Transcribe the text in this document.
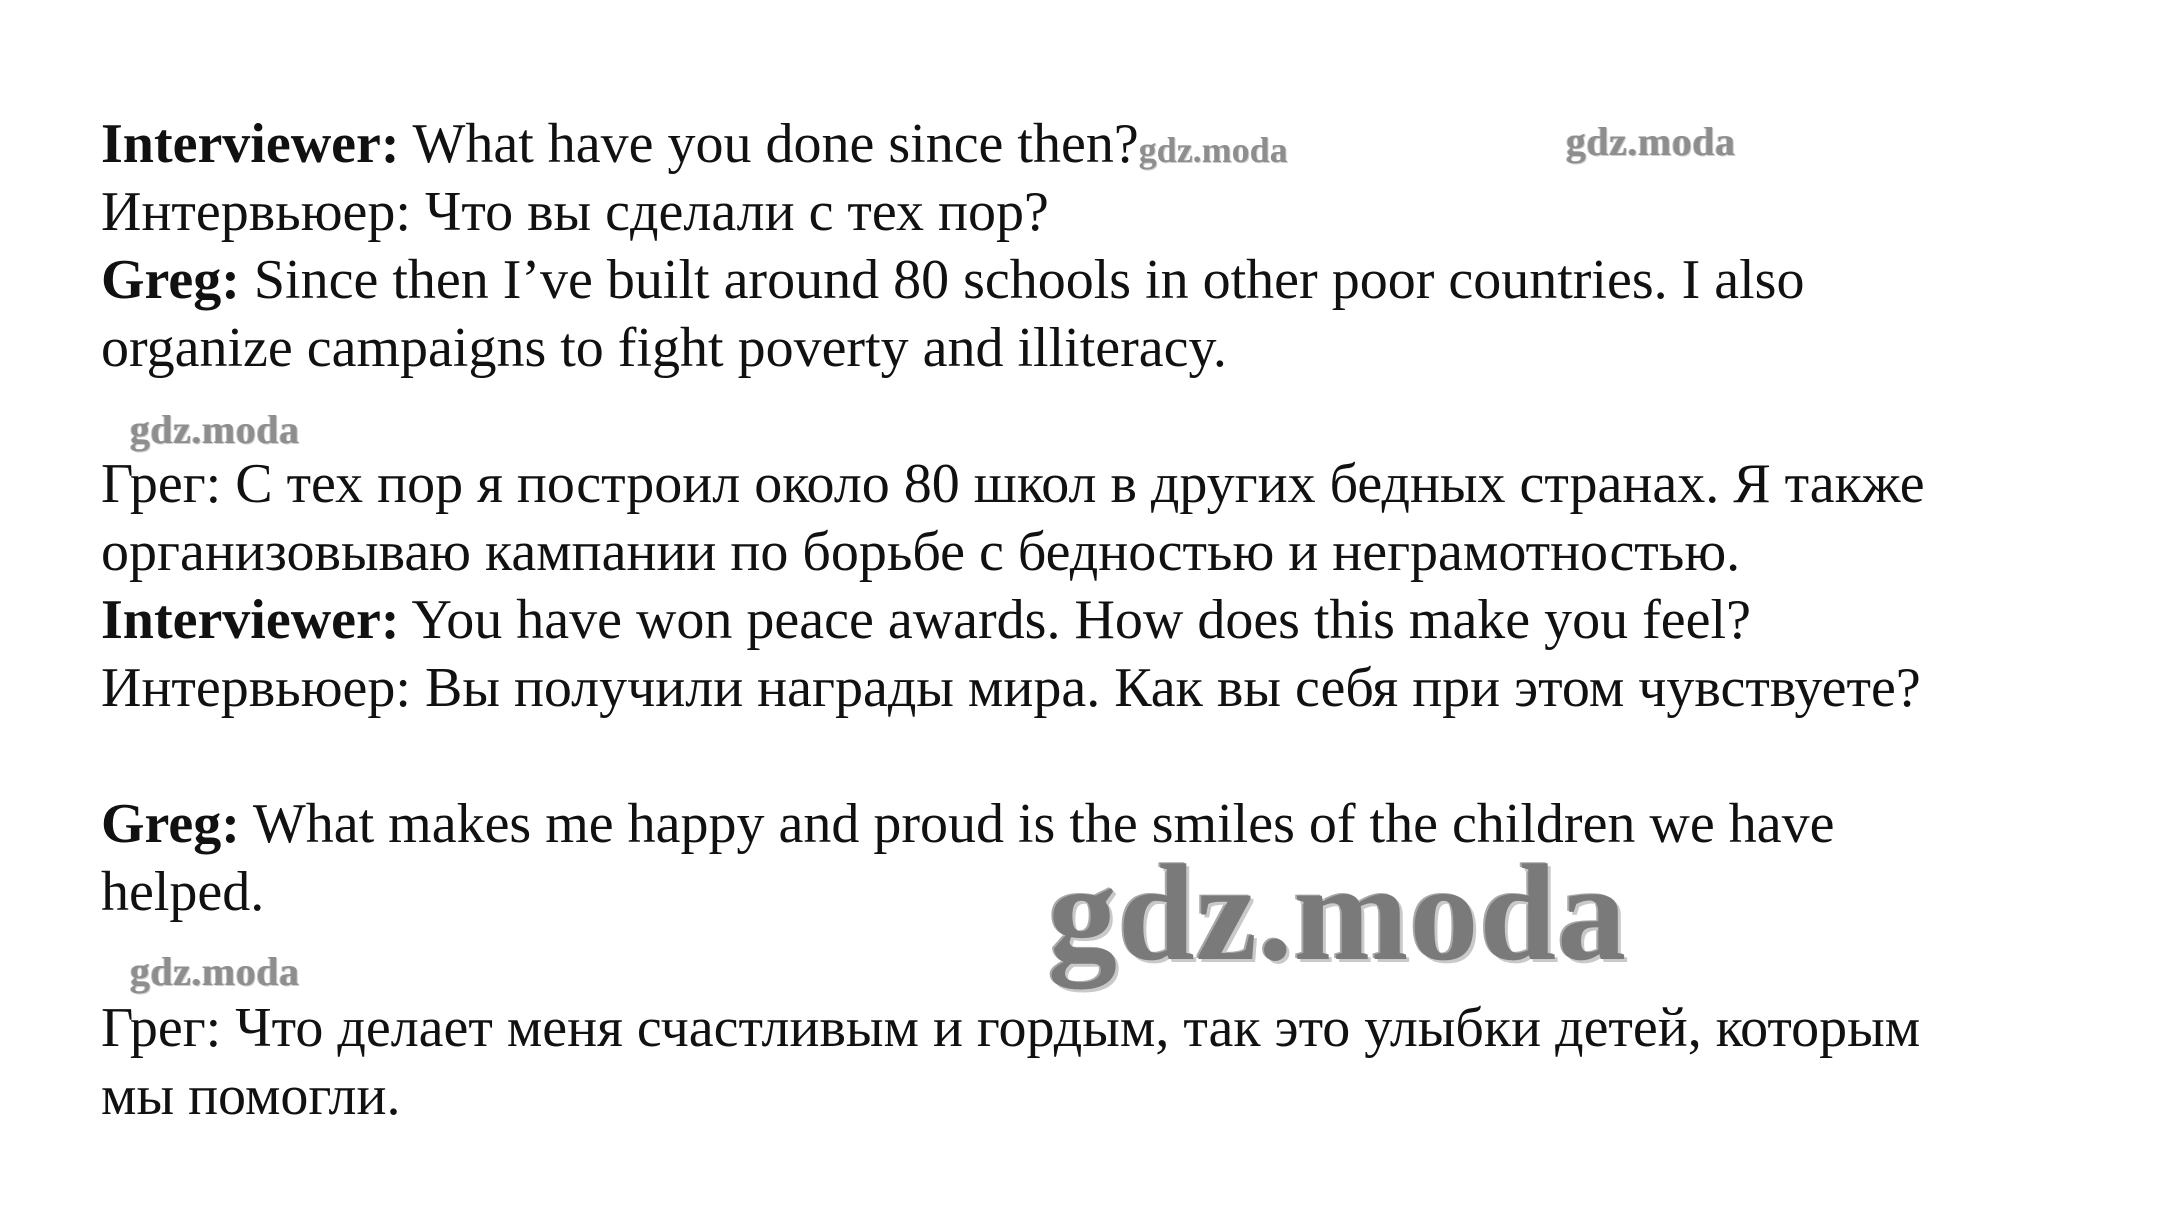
Interviewer: What have you done since then?gdz.moda
Интервьюер: Что вы сделали с тех пор?
Greg: Since then I’ve built around 80 schools in other poor countries. I also
organize campaigns to fight poverty and illiteracy.
Грег: С тех пор я построил около 80 школ в других бедных странах. Я также
организовываю кампании по борьбе с бедностью и неграмотностью.
Interviewer: You have won peace awards. How does this make you feel?
Интервьюер: Вы получили награды мира. Как вы себя при этом чувствуете?
Greg: What makes me happy and proud is the smiles of the children we have
helped.
Грег: Что делает меня счастливым и гордым, так это улыбки детей, которым
мы помогли.
gdz.moda
gdz.moda
gdz.moda	gdz.moda
